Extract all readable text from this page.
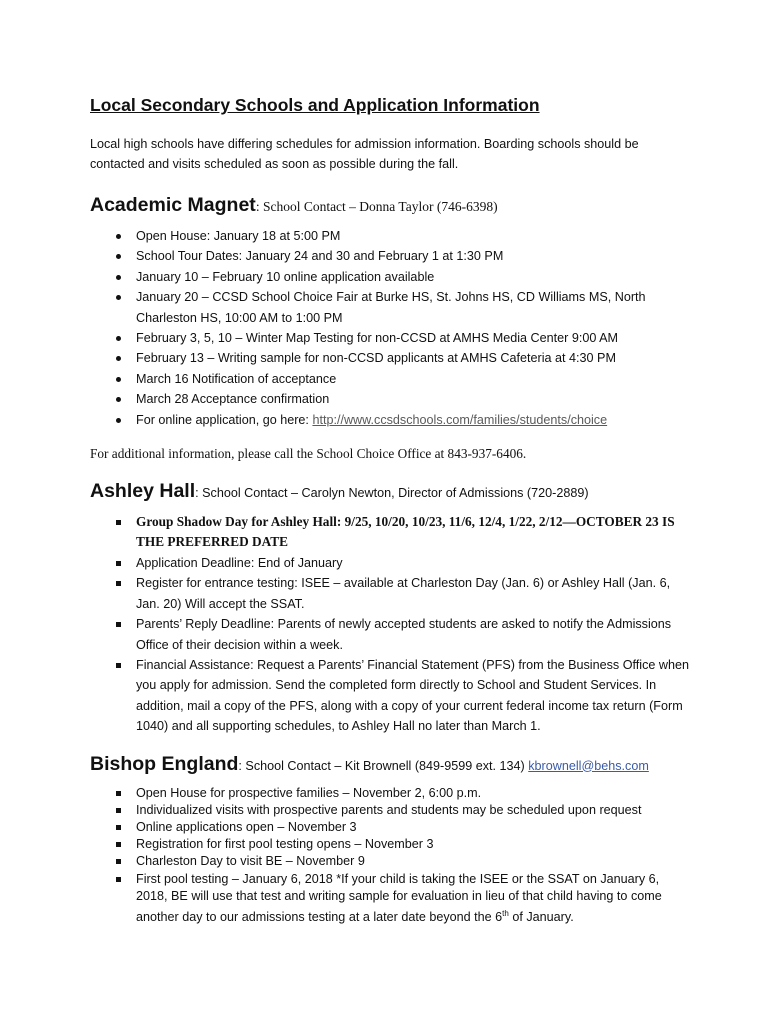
Local Secondary Schools and Application Information

Local high schools have differing schedules for admission information. Boarding schools should be contacted and visits scheduled as soon as possible during the fall.

Academic Magnet: School Contact – Donna Taylor (746-6398)
Open House: January 18 at 5:00 PM
School Tour Dates: January 24 and 30 and February 1 at 1:30 PM
January 10 – February 10 online application available
January 20 – CCSD School Choice Fair at Burke HS, St. Johns HS, CD Williams MS, North Charleston HS, 10:00 AM to 1:00 PM
February 3, 5, 10 – Winter Map Testing for non-CCSD at AMHS Media Center 9:00 AM
February 13 – Writing sample for non-CCSD applicants at AMHS Cafeteria at 4:30 PM
March 16 Notification of acceptance
March 28 Acceptance confirmation
For online application, go here: http://www.ccsdschools.com/families/students/choice

For additional information, please call the School Choice Office at 843-937-6406.

Ashley Hall: School Contact – Carolyn Newton, Director of Admissions (720-2889)
Group Shadow Day for Ashley Hall: 9/25, 10/20, 10/23, 11/6, 12/4, 1/22, 2/12—OCTOBER 23 IS THE PREFERRED DATE
Application Deadline: End of January
Register for entrance testing: ISEE – available at Charleston Day (Jan. 6) or Ashley Hall (Jan. 6, Jan. 20) Will accept the SSAT.
Parents’ Reply Deadline: Parents of newly accepted students are asked to notify the Admissions Office of their decision within a week.
Financial Assistance: Request a Parents’ Financial Statement (PFS) from the Business Office when you apply for admission. Send the completed form directly to School and Student Services. In addition, mail a copy of the PFS, along with a copy of your current federal income tax return (Form 1040) and all supporting schedules, to Ashley Hall no later than March 1.
Bishop England: School Contact – Kit Brownell (849-9599 ext. 134) kbrownell@behs.com
Open House for prospective families – November 2, 6:00 p.m.
Individualized visits with prospective parents and students may be scheduled upon request
Online applications open – November 3
Registration for first pool testing opens – November 3
Charleston Day to visit BE – November 9
First pool testing – January 6, 2018 *If your child is taking the ISEE or the SSAT on January 6, 2018, BE will use that test and writing sample for evaluation in lieu of that child having to come another day to our admissions testing at a later date beyond the 6th of January.
